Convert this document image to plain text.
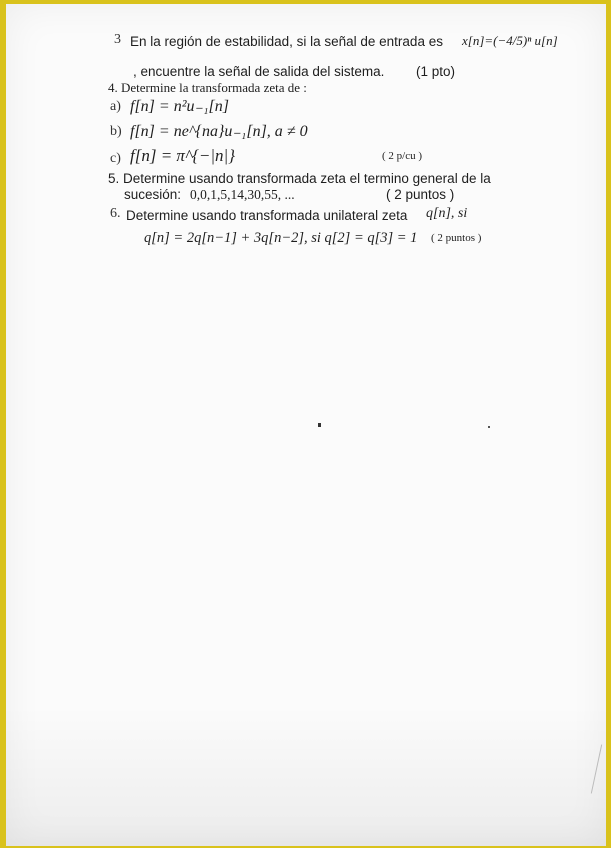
3 En la región de estabilidad, si la señal de entrada es x[n]=(−4/5)ⁿ u[n]
, encuentre la señal de salida del sistema. (1 pto)
4. Determine la transformada zeta de :
a) f[n] = n²u₋₁[n]
b) f[n] = ne^{na}u₋₁[n], a ≠ 0
c) f[n] = π^{−|n|}	( 2 p/cu )
5. Determine usando transformada zeta el termino general de la
sucesión: 0,0,1,5,14,30,55, ...	( 2 puntos )
6. Determine usando transformada unilateral zeta q[n], si
q[n] = 2q[n−1] + 3q[n−2], si q[2] = q[3] = 1 ( 2 puntos )
